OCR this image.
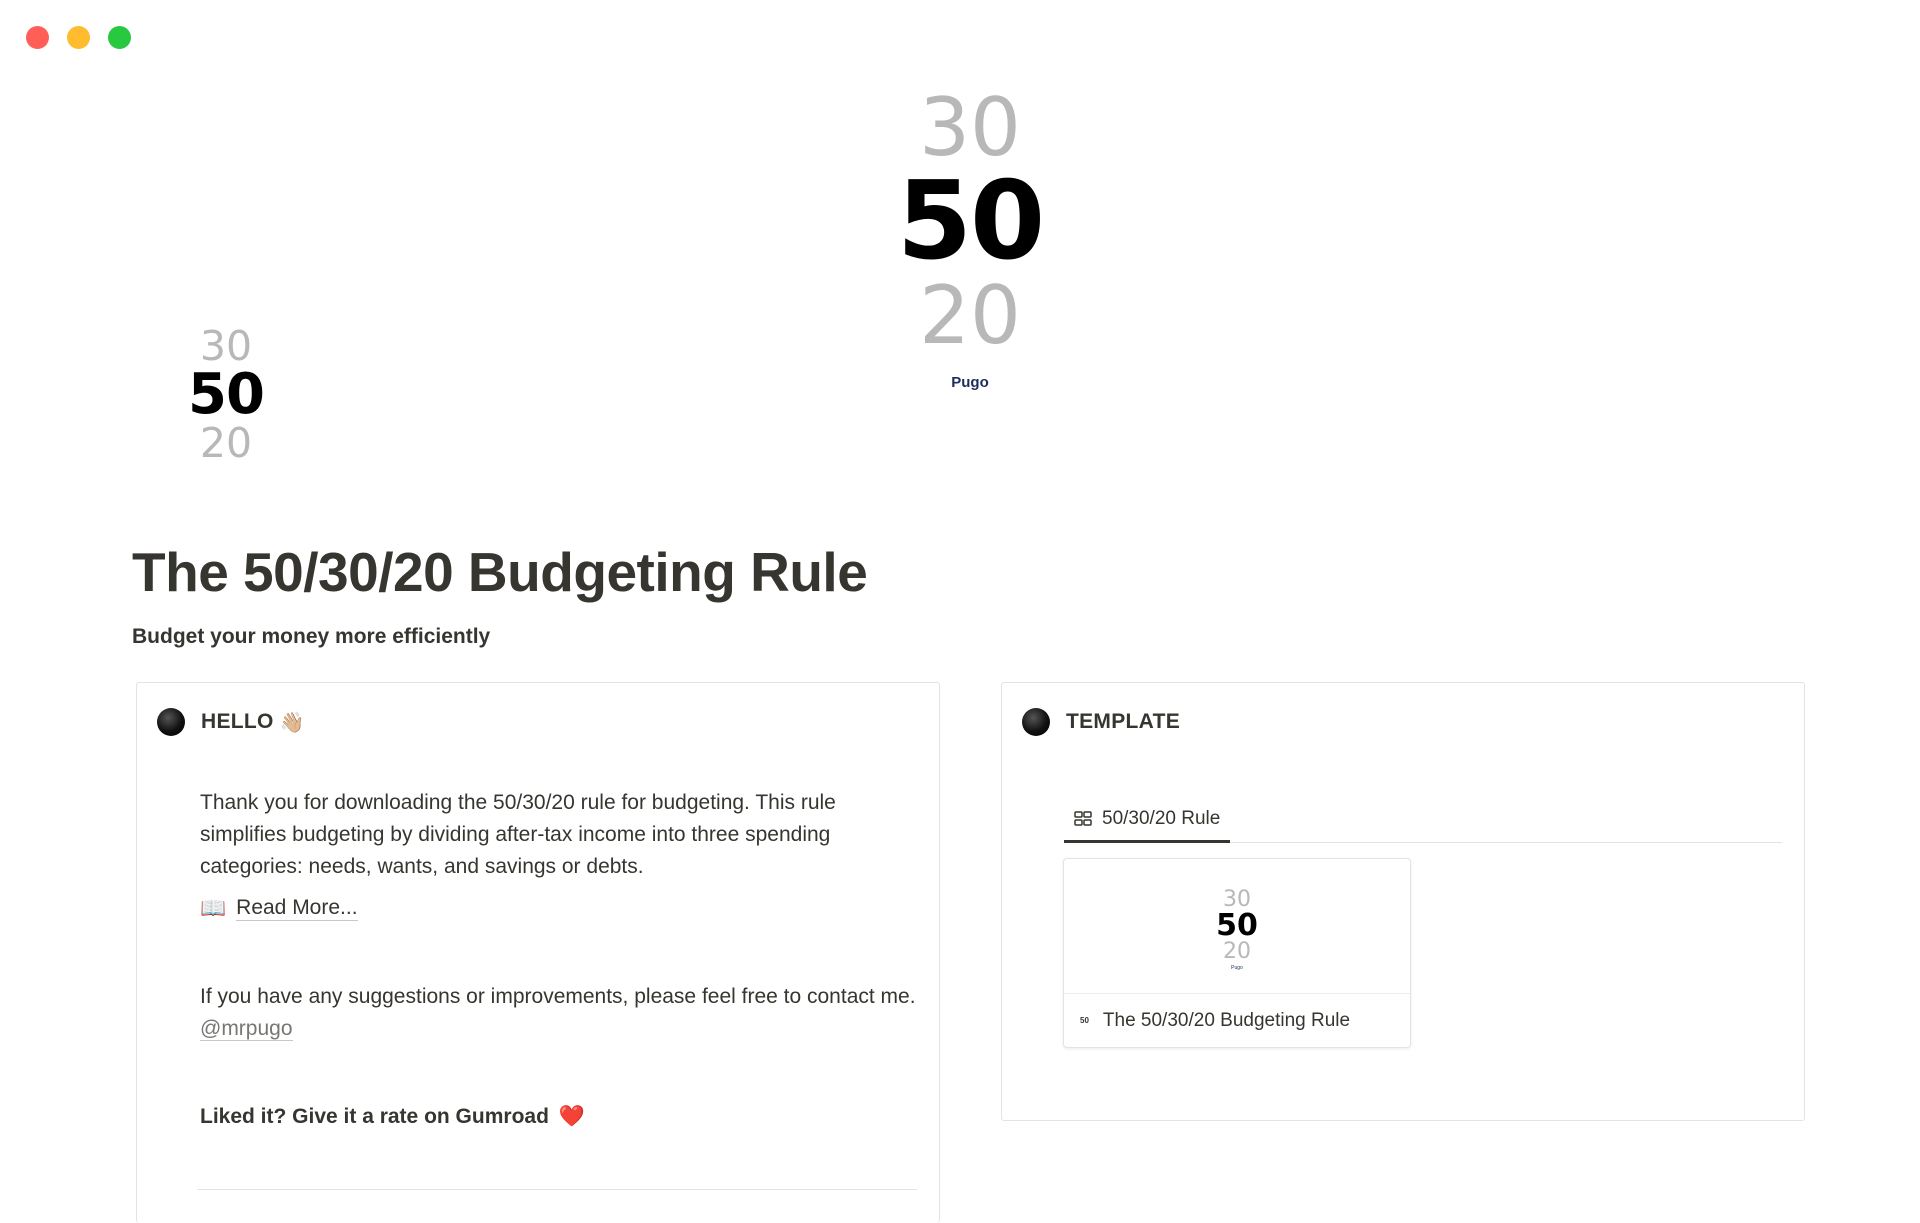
30
50
20
Pugo
30
50
20
The 50/30/20 Budgeting Rule
Budget your money more efficiently
HELLO 👋🏼
Thank you for downloading the 50/30/20 rule for budgeting. This rule simplifies budgeting by dividing after-tax income into three spending categories: needs, wants, and savings or debts.
📖 Read More...
If you have any suggestions or improvements, please feel free to contact me. @mrpugo
Liked it? Give it a rate on Gumroad ❤️
TEMPLATE
50/30/20 Rule
30
50
20
Pugo
50 The 50/30/20 Budgeting Rule
